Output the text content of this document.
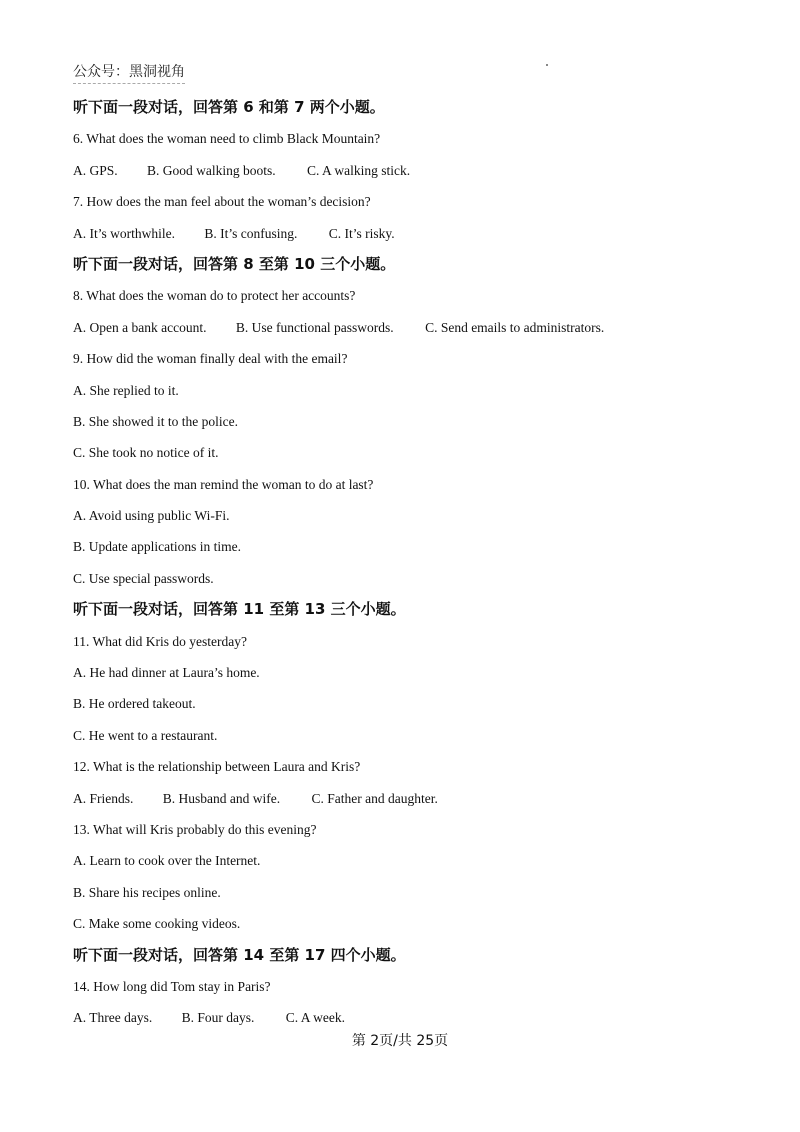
公众号：黑洞视角
听下面一段对话，回答第 6 和第 7 两个小题。
6. What does the woman need to climb Black Mountain?
A. GPS. B. Good walking boots. C. A walking stick.
7. How does the man feel about the woman’s decision?
A. It’s worthwhile. B. It’s confusing. C. It’s risky.
听下面一段对话，回答第 8 至第 10 三个小题。
8. What does the woman do to protect her accounts?
A. Open a bank account. B. Use functional passwords. C. Send emails to administrators.
9. How did the woman finally deal with the email?
A. She replied to it.
B. She showed it to the police.
C. She took no notice of it.
10. What does the man remind the woman to do at last?
A. Avoid using public Wi-Fi.
B. Update applications in time.
C. Use special passwords.
听下面一段对话，回答第 11 至第 13 三个小题。
11. What did Kris do yesterday?
A. He had dinner at Laura’s home.
B. He ordered takeout.
C. He went to a restaurant.
12. What is the relationship between Laura and Kris?
A. Friends. B. Husband and wife. C. Father and daughter.
13. What will Kris probably do this evening?
A. Learn to cook over the Internet.
B. Share his recipes online.
C. Make some cooking videos.
听下面一段对话，回答第 14 至第 17 四个小题。
14. How long did Tom stay in Paris?
A. Three days. B. Four days. C. A week.
第 2页/共 25页
